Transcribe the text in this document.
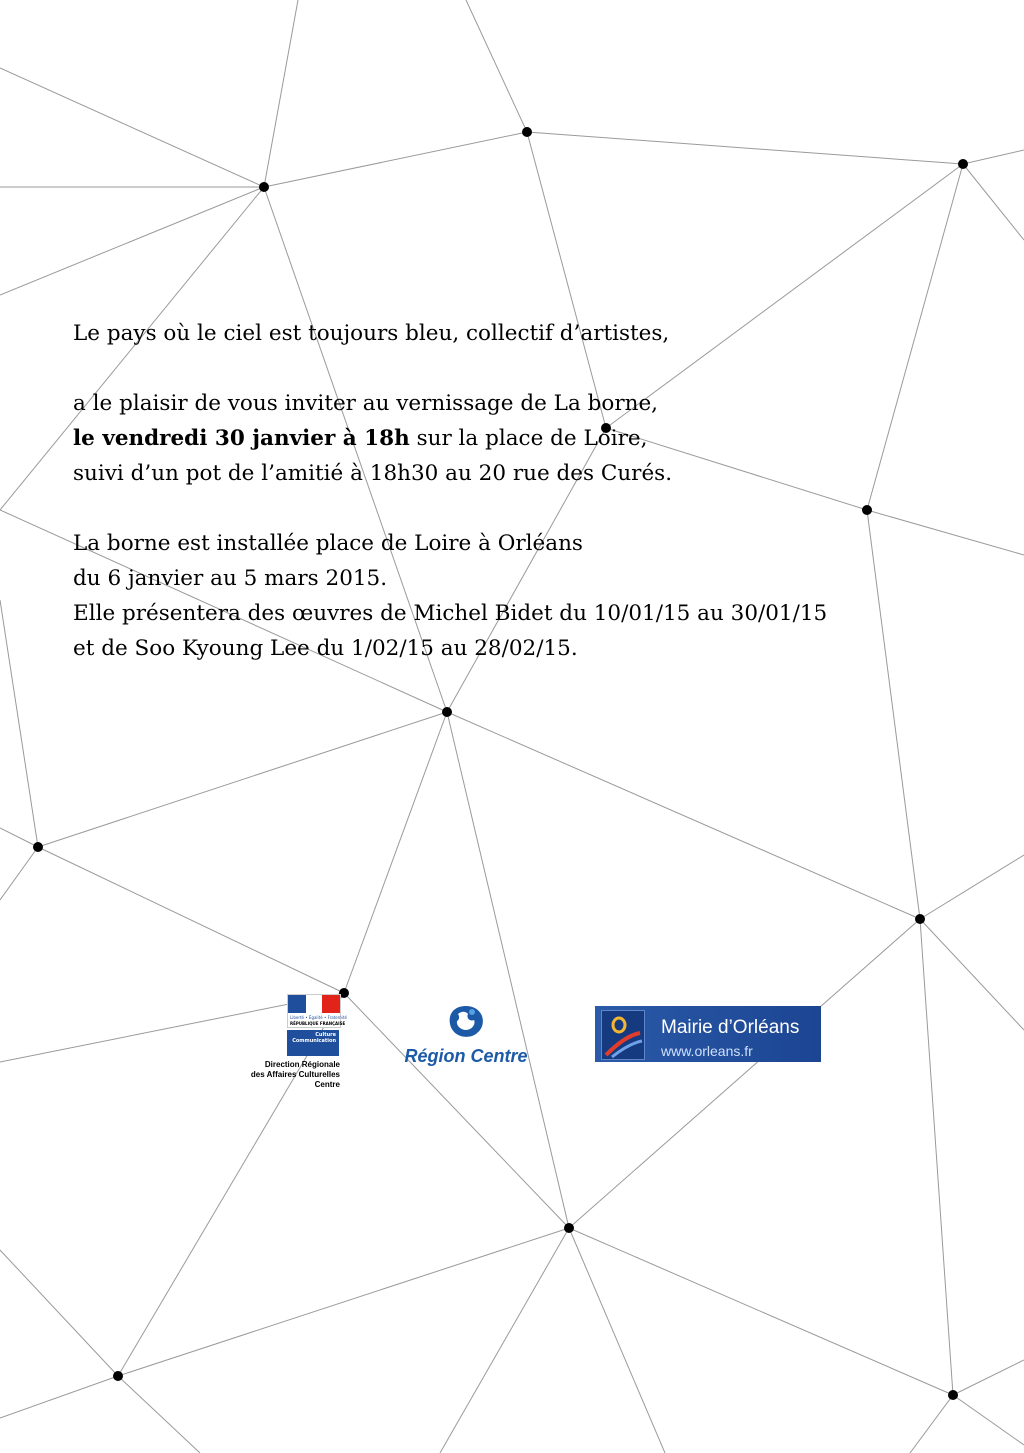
Le pays où le ciel est toujours bleu, collectif d’artistes,

a le plaisir de vous inviter au vernissage de La borne,

le vendredi 30 janvier à 18h sur la place de Loire,

suivi d’un pot de l’amitié à 18h30 au 20 rue des Curés.

La borne est installée place de Loire à Orléans

du 6 janvier au 5 mars 2015.

Elle présentera des œuvres de Michel Bidet du 10/01/15 au 30/01/15

et de Soo Kyoung Lee du 1/02/15 au 28/02/15.

Liberté • Égalité • Fraternité
RÉPUBLIQUE FRANÇAISE
Culture Communication
Direction Régionale
des Affaires Culturelles
Centre
Région Centre
Mairie d’Orléans
www.orleans.fr
